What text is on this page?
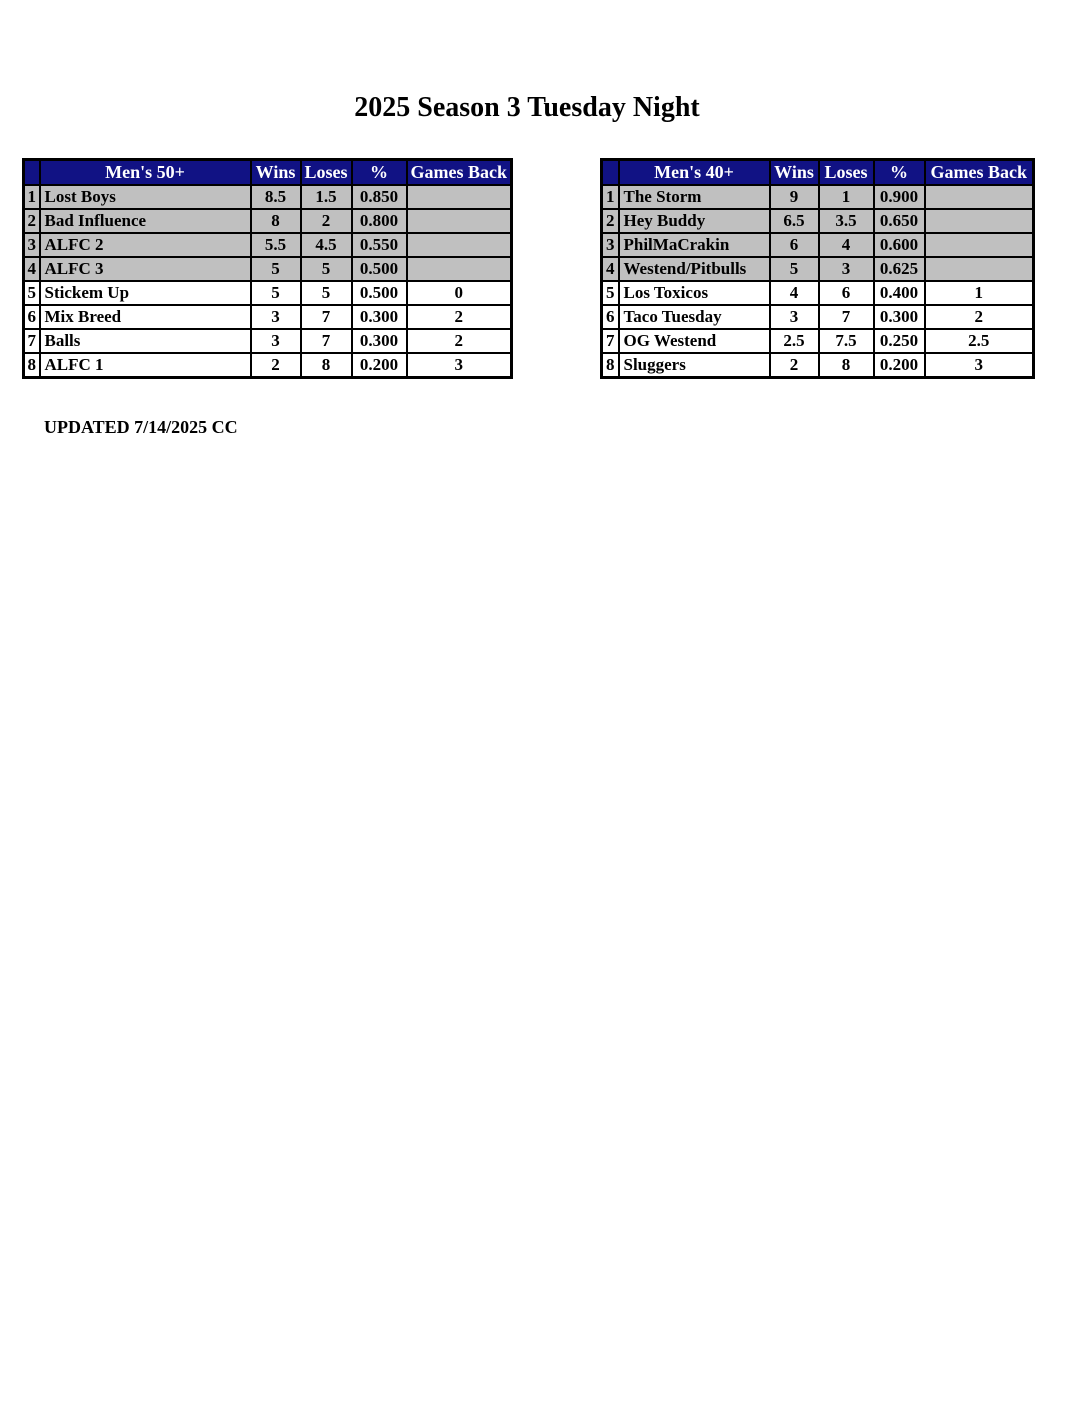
2025 Season 3 Tuesday Night
	Men's 50+	Wins	Loses	%	Games Back
1	Lost Boys	8.5	1.5	0.850	
2	Bad Influence	8	2	0.800	
3	ALFC 2	5.5	4.5	0.550	
4	ALFC 3	5	5	0.500	
5	Stickem Up	5	5	0.500	0
6	Mix Breed	3	7	0.300	2
7	Balls	3	7	0.300	2
8	ALFC 1	2	8	0.200	3
	Men's 40+	Wins	Loses	%	Games Back
1	The Storm	9	1	0.900	
2	Hey Buddy	6.5	3.5	0.650	
3	PhilMaCrakin	6	4	0.600	
4	Westend/Pitbulls	5	3	0.625	
5	Los Toxicos	4	6	0.400	1
6	Taco Tuesday	3	7	0.300	2
7	OG Westend	2.5	7.5	0.250	2.5
8	Sluggers	2	8	0.200	3
UPDATED 7/14/2025 CC
